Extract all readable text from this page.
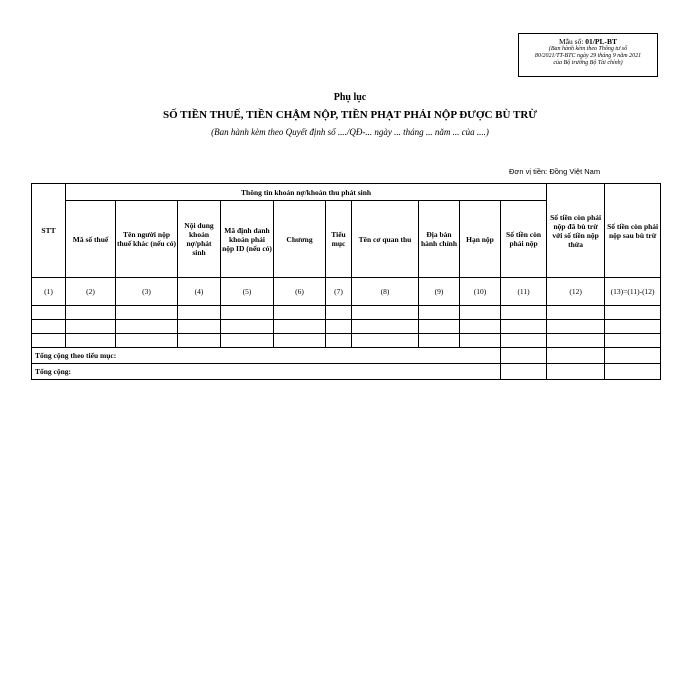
Mẫu số: 01/PL-BT
(Ban hành kèm theo Thông tư số
80/2021/TT-BTC ngày 29 tháng 9 năm 2021
của Bộ trưởng Bộ Tài chính)
Phụ lục
SỐ TIỀN THUẾ, TIỀN CHẬM NỘP, TIỀN PHẠT PHẢI NỘP ĐƯỢC BÙ TRỪ
(Ban hành kèm theo Quyết định số ..../QĐ-... ngày ... tháng ... năm ... của ....)
Đơn vị tiền: Đồng Việt Nam
STT	Thông tin khoản nợ/khoản thu phát sinh										Số tiền còn phải nộp đã bù trừ với số tiền nộp thừa	Số tiền còn phải nộp sau bù trừ
	Mã số thuế	Tên người nộp thuế khác (nếu có)	Nội dung khoản nợ/phát sinh	Mã định danh khoản phải nộp ID (nếu có)	Chương	Tiểu mục	Tên cơ quan thu	Địa bàn hành chính	Hạn nộp	Số tiền còn phải nộp		
(1)	(2)	(3)	(4)	(5)	(6)	(7)	(8)	(9)	(10)	(11)	(12)	(13)=(11)-(12)

Tổng cộng theo tiểu mục:												
Tổng cộng:												
